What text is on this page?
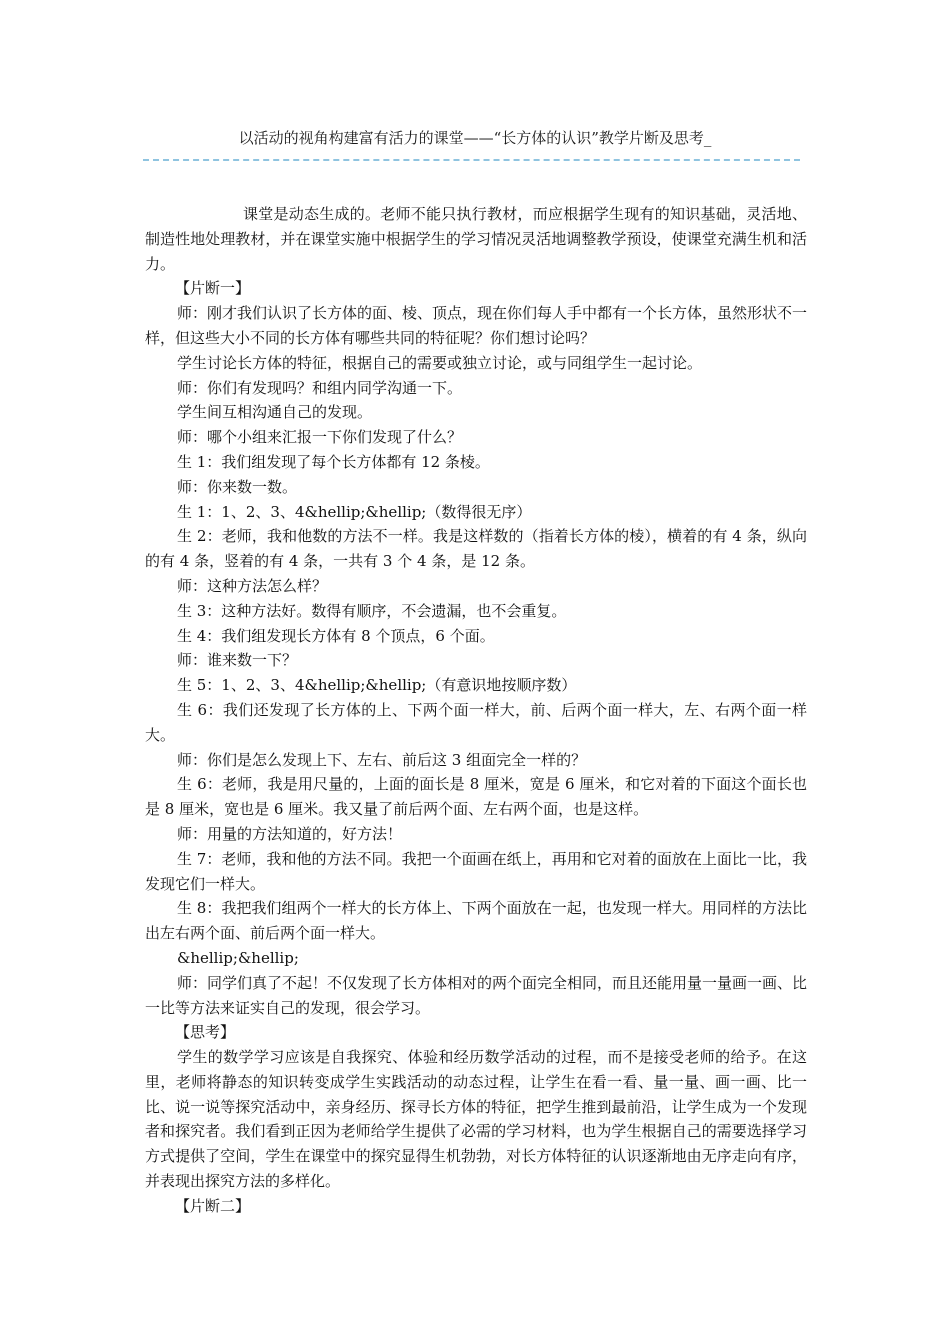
以活动的视角构建富有活力的课堂——“长方体的认识”教学片断及思考_

课堂是动态生成的。老师不能只执行教材，而应根据学生现有的知识基础，灵活地、制造性地处理教材，并在课堂实施中根据学生的学习情况灵活地调整教学预设，使课堂充满生机和活力。

【片断一】

师：刚才我们认识了长方体的面、棱、顶点，现在你们每人手中都有一个长方体，虽然形状不一样，但这些大小不同的长方体有哪些共同的特征呢？你们想讨论吗？

学生讨论长方体的特征，根据自己的需要或独立讨论，或与同组学生一起讨论。

师：你们有发现吗？和组内同学沟通一下。

学生间互相沟通自己的发现。

师：哪个小组来汇报一下你们发现了什么？

生 1：我们组发现了每个长方体都有 12 条棱。

师：你来数一数。

生 1：1、2、3、4&hellip;&hellip;（数得很无序）

生 2：老师，我和他数的方法不一样。我是这样数的（指着长方体的棱），横着的有 4 条，纵向的有 4 条，竖着的有 4 条，一共有 3 个 4 条，是 12 条。

师：这种方法怎么样？

生 3：这种方法好。数得有顺序，不会遗漏，也不会重复。

生 4：我们组发现长方体有 8 个顶点，6 个面。

师：谁来数一下？

生 5：1、2、3、4&hellip;&hellip;（有意识地按顺序数）

生 6：我们还发现了长方体的上、下两个面一样大，前、后两个面一样大，左、右两个面一样大。

师：你们是怎么发现上下、左右、前后这 3 组面完全一样的？

生 6：老师，我是用尺量的，上面的面长是 8 厘米，宽是 6 厘米，和它对着的下面这个面长也是 8 厘米，宽也是 6 厘米。我又量了前后两个面、左右两个面，也是这样。

师：用量的方法知道的，好方法！

生 7：老师，我和他的方法不同。我把一个面画在纸上，再用和它对着的面放在上面比一比，我发现它们一样大。

生 8：我把我们组两个一样大的长方体上、下两个面放在一起，也发现一样大。用同样的方法比出左右两个面、前后两个面一样大。

&hellip;&hellip;

师：同学们真了不起！不仅发现了长方体相对的两个面完全相同，而且还能用量一量画一画、比一比等方法来证实自己的发现，很会学习。

【思考】

学生的数学学习应该是自我探究、体验和经历数学活动的过程，而不是接受老师的给予。在这里，老师将静态的知识转变成学生实践活动的动态过程，让学生在看一看、量一量、画一画、比一比、说一说等探究活动中，亲身经历、探寻长方体的特征，把学生推到最前沿，让学生成为一个发现者和探究者。我们看到正因为老师给学生提供了必需的学习材料，也为学生根据自己的需要选择学习方式提供了空间，学生在课堂中的探究显得生机勃勃，对长方体特征的认识逐渐地由无序走向有序，并表现出探究方法的多样化。

【片断二】
